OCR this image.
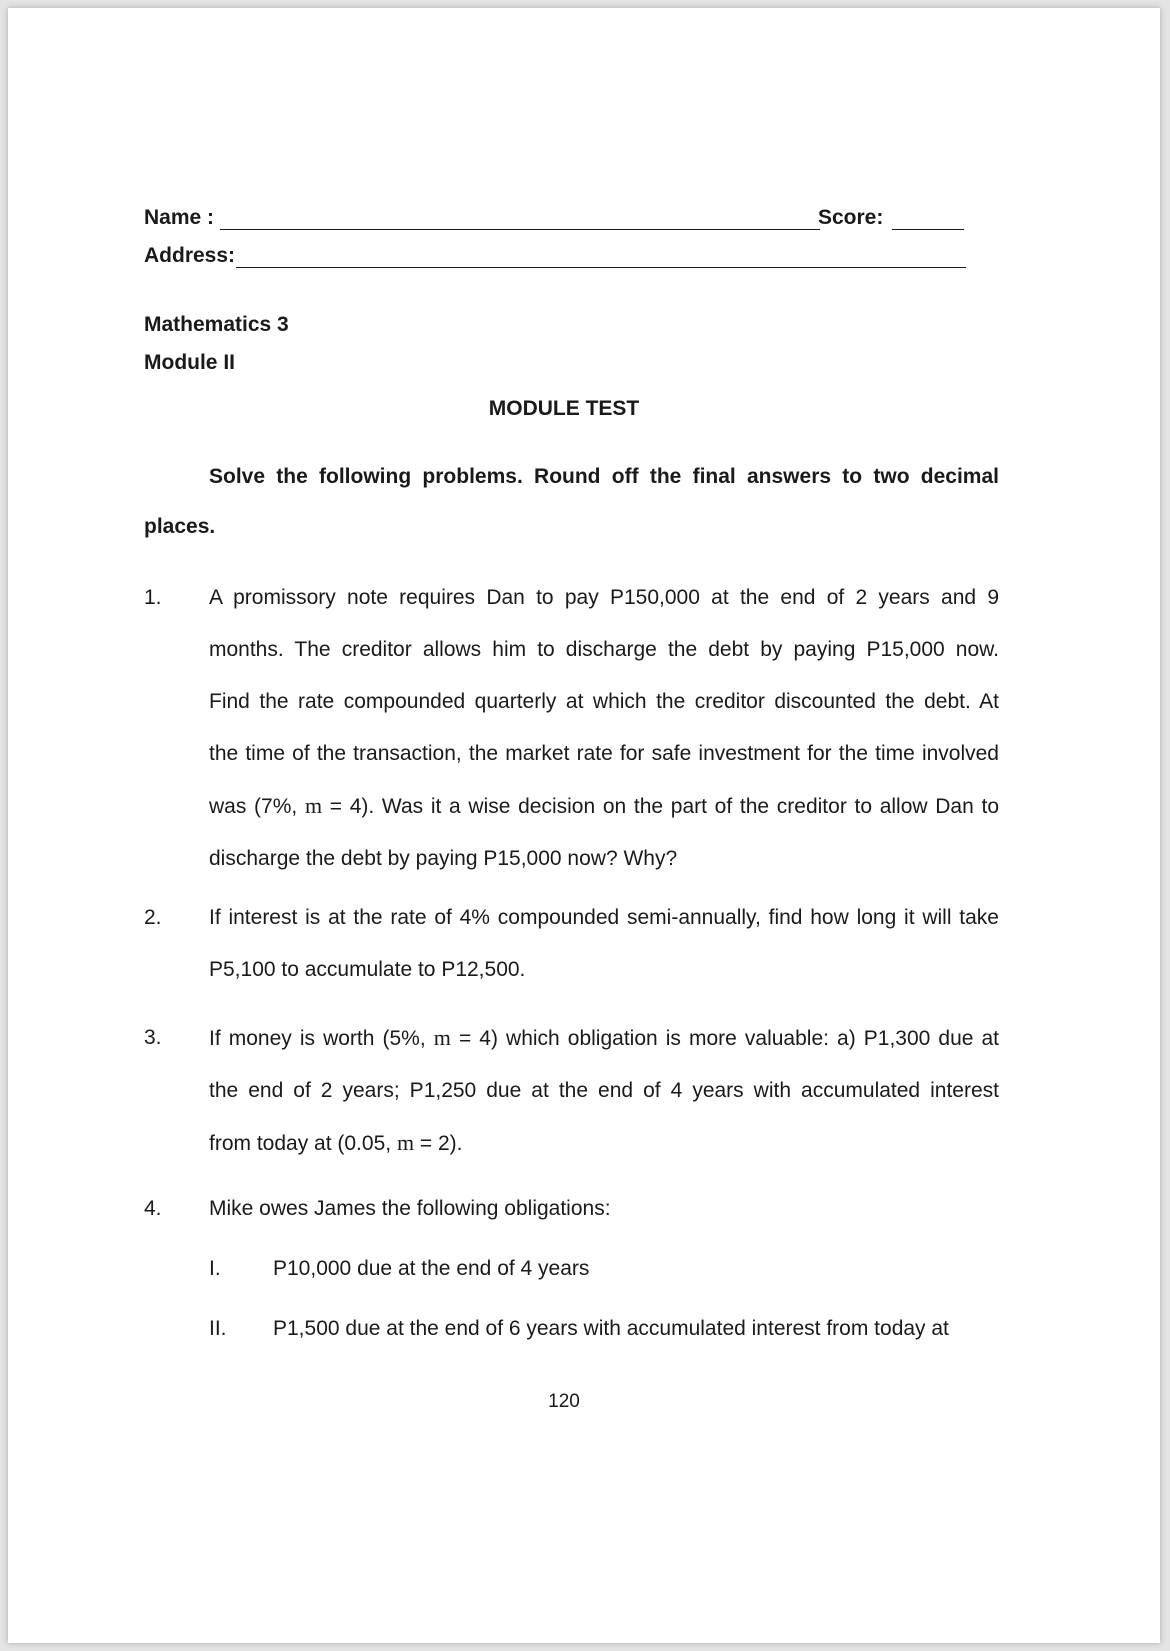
Name :	Score:
Address:
Mathematics 3
Module II
MODULE TEST
Solve the following problems. Round off the final answers to two decimal
places.
1. A promissory note requires Dan to pay P150,000 at the end of 2 years and 9
months. The creditor allows him to discharge the debt by paying P15,000 now.
Find the rate compounded quarterly at which the creditor discounted the debt. At
the time of the transaction, the market rate for safe investment for the time involved
was (7%, m = 4). Was it a wise decision on the part of the creditor to allow Dan to
discharge the debt by paying P15,000 now? Why?
2. If interest is at the rate of 4% compounded semi-annually, find how long it will take
P5,100 to accumulate to P12,500.
3. If money is worth (5%, m = 4) which obligation is more valuable: a) P1,300 due at
the end of 2 years; P1,250 due at the end of 4 years with accumulated interest
from today at (0.05, m = 2).
4. Mike owes James the following obligations:
I. P10,000 due at the end of 4 years
II. P1,500 due at the end of 6 years with accumulated interest from today at
120
